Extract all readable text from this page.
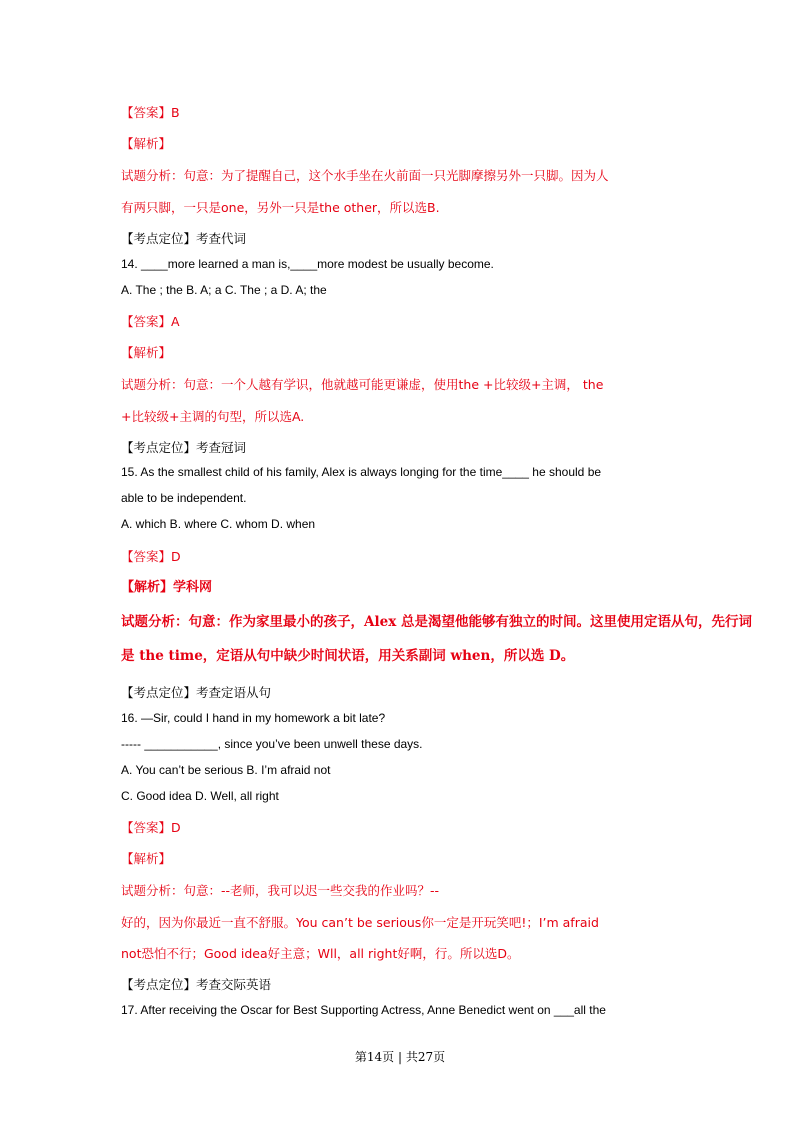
【答案】B
【解析】
试题分析：句意：为了提醒自己，这个水手坐在火前面一只光脚摩擦另外一只脚。因为人
有两只脚，一只是one，另外一只是the other，所以选B.
【考点定位】考查代词
14. ____more learned a man is,____more modest be usually become.
A. The ; the B. A; a C. The ; a D. A; the
【答案】A
【解析】
试题分析：句意：一个人越有学识，他就越可能更谦虚，使用the +比较级+主调， the
+比较级+主调的句型，所以选A.
【考点定位】考查冠词
15. As the smallest child of his family, Alex is always longing for the time____ he should be
able to be independent.
A. which B. where C. whom D. when
【答案】D
【解析】学科网
试题分析：句意：作为家里最小的孩子，Alex 总是渴望他能够有独立的时间。这里使用定语从句，先行词
是 the time，定语从句中缺少时间状语，用关系副词 when，所以选 D。
【考点定位】考查定语从句
16. —Sir, could I hand in my homework a bit late?
----- ___________, since you’ve been unwell these days.
A. You can’t be serious B. I’m afraid not
C. Good idea D. Well, all right
【答案】D
【解析】
试题分析：句意：--老师，我可以迟一些交我的作业吗？--
好的，因为你最近一直不舒服。You can’t be serious你一定是开玩笑吧!；I’m afraid
not恐怕不行；Good idea好主意；Wll，all right好啊，行。所以选D。
【考点定位】考查交际英语
17. After receiving the Oscar for Best Supporting Actress, Anne Benedict went on ___all the
第14页 | 共27页
